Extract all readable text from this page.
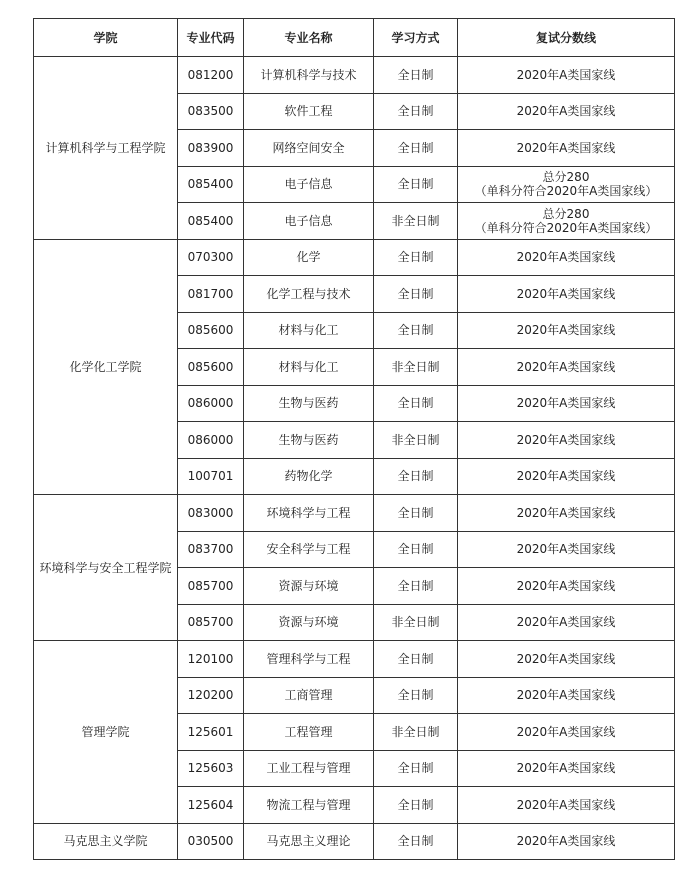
学院	专业代码	专业名称	学习方式	复试分数线
计算机科学与工程学院	081200	计算机科学与技术	全日制	2020年A类国家线

	083500	软件工程	全日制	2020年A类国家线

	083900	网络空间安全	全日制	2020年A类国家线

	085400	电子信息	全日制	总分280
（单科分符合2020年A类国家线）

	085400	电子信息	非全日制	总分280
（单科分符合2020年A类国家线）

化学化工学院	070300	化学	全日制	2020年A类国家线

	081700	化学工程与技术	全日制	2020年A类国家线

	085600	材料与化工	全日制	2020年A类国家线

	085600	材料与化工	非全日制	2020年A类国家线

	086000	生物与医药	全日制	2020年A类国家线

	086000	生物与医药	非全日制	2020年A类国家线

	100701	药物化学	全日制	2020年A类国家线

环境科学与安全工程学院	083000	环境科学与工程	全日制	2020年A类国家线

	083700	安全科学与工程	全日制	2020年A类国家线

	085700	资源与环境	全日制	2020年A类国家线

	085700	资源与环境	非全日制	2020年A类国家线

管理学院	120100	管理科学与工程	全日制	2020年A类国家线

	120200	工商管理	全日制	2020年A类国家线

	125601	工程管理	非全日制	2020年A类国家线

	125603	工业工程与管理	全日制	2020年A类国家线

	125604	物流工程与管理	全日制	2020年A类国家线

马克思主义学院	030500	马克思主义理论	全日制	2020年A类国家线
